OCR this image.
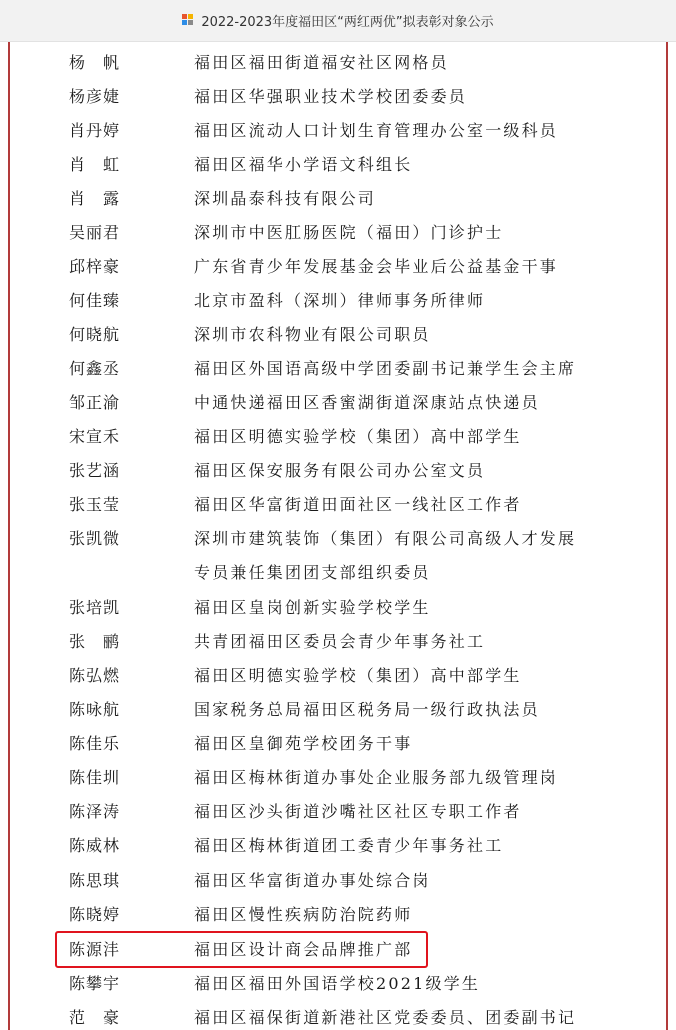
2022-2023年度福田区“两红两优”拟表彰对象公示
杨　帆	福田区福田街道福安社区网格员
杨彦婕	福田区华强职业技术学校团委委员
肖丹婷	福田区流动人口计划生育管理办公室一级科员
肖　虹	福田区福华小学语文科组长
肖　露	深圳晶泰科技有限公司
吴丽君	深圳市中医肛肠医院（福田）门诊护士
邱梓豪	广东省青少年发展基金会毕业后公益基金干事
何佳臻	北京市盈科（深圳）律师事务所律师
何晓航	深圳市农科物业有限公司职员
何鑫丞	福田区外国语高级中学团委副书记兼学生会主席
邹正渝	中通快递福田区香蜜湖街道深康站点快递员
宋宣禾	福田区明德实验学校（集团）高中部学生
张艺涵	福田区保安服务有限公司办公室文员
张玉莹	福田区华富街道田面社区一线社区工作者
张凯微	深圳市建筑装饰（集团）有限公司高级人才发展
专员兼任集团团支部组织委员
张培凯	福田区皇岗创新实验学校学生
张　鹂	共青团福田区委员会青少年事务社工
陈弘燃	福田区明德实验学校（集团）高中部学生
陈咏航	国家税务总局福田区税务局一级行政执法员
陈佳乐	福田区皇御苑学校团务干事
陈佳圳	福田区梅林街道办事处企业服务部九级管理岗
陈泽涛	福田区沙头街道沙嘴社区社区专职工作者
陈威林	福田区梅林街道团工委青少年事务社工
陈思琪	福田区华富街道办事处综合岗
陈晓婷	福田区慢性疾病防治院药师
陈源沣	福田区设计商会品牌推广部
陈攀宇	福田区福田外国语学校2021级学生
范　豪	福田区福保街道新港社区党委委员、团委副书记
